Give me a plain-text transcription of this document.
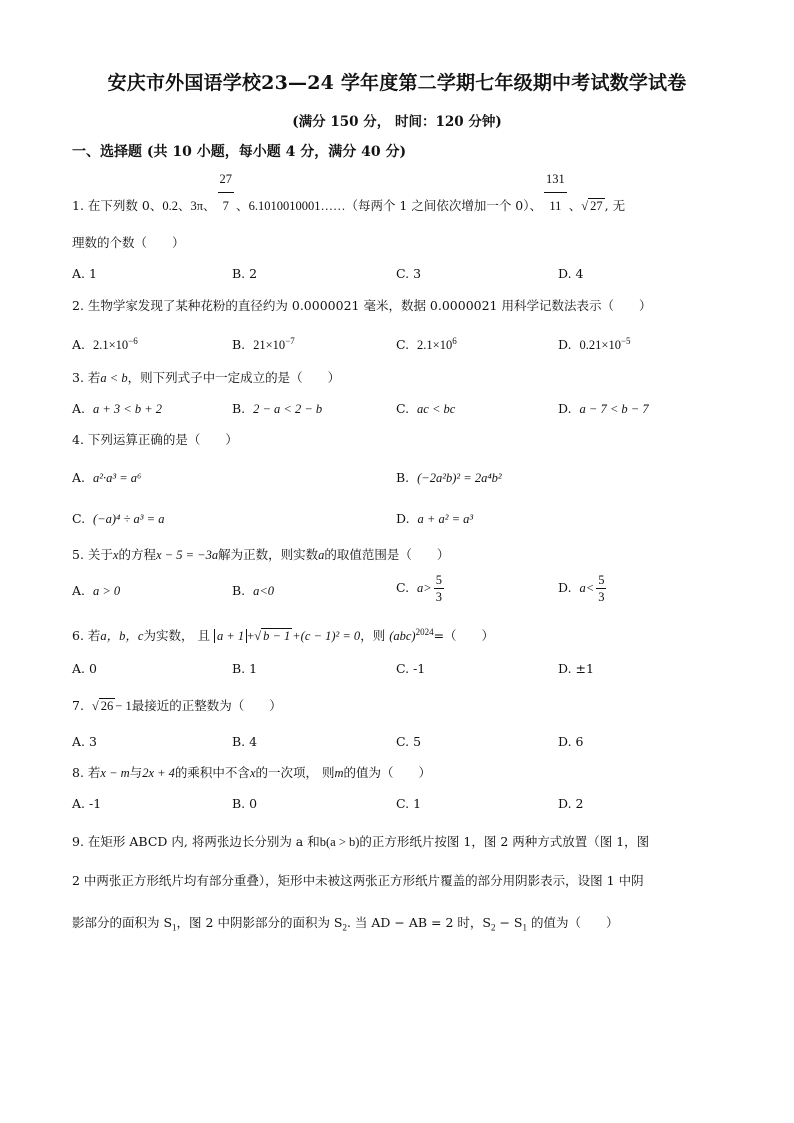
安庆市外国语学校23—24 学年度第二学期七年级期中考试数学试卷
(满分 150 分， 时间：120 分钟)
一、选择题 (共 10 小题，每小题 4 分，满分 40 分)
1. 在下列数 0、0.2、3π、 $\frac{27}{7}$ 、6.1010010001……（每两个 1 之间依次增加一个 0）、 $\frac{131}{11}$ 、√ 27 , 无
理数的个数（　　）
A. 1	B. 2	C. 3	D. 4
2. 生物学家发现了某种花粉的直径约为 0.0000021 毫米，数据 0.0000021 用科学记数法表示（　　）
A. $2.1\times 10^{-6}$	B. $21\times 10^{-7}$	C. $2.1\times 10^6$	D. $0.21\times 10^{-5}$
3. 若a < b，则下列式子中一定成立的是（　　）
A. a + 3 < b + 2	B. 2 − a < 2 − b	C. ac < bc	D. a − 7 < b − 7
4. 下列运算正确的是（　　）
A. a²·a³ = a⁶	B. (−2a²b)² = 2a⁴b²
C. (−a)⁴ ÷ a³ = a	D. a + a² = a³
5. 关于x的方程x − 5 = −3a解为正数，则实数a的取值范围是（　　）
A. a > 0	B. a<0	C. $a> \frac{5}{3}$	D. $a< \frac{5}{3}$
6. 若a，b，c为实数， 且 a + 1 +√ b − 1 +(c − 1)² = 0，则 (abc)$^{2024}$=（　　）
A. 0	B. 1	C. -1	D. ±1
7. √ 26 − 1最接近的正整数为（　　）
A. 3	B. 4	C. 5	D. 6
8. 若x − m与2x + 4的乘积中不含x的一次项， 则m的值为（　　）
A. -1	B. 0	C. 1	D. 2
9. 在矩形 ABCD 内, 将两张边长分别为 a 和b(a > b)的正方形纸片按图 1，图 2 两种方式放置（图 1，图
2 中两张正方形纸片均有部分重叠），矩形中未被这两张正方形纸片覆盖的部分用阴影表示，设图 1 中阴
影部分的面积为 $S_1$，图 2 中阴影部分的面积为 $S_2$. 当 AD − AB = 2 时，$S_2 - S_1$ 的值为（　　）
